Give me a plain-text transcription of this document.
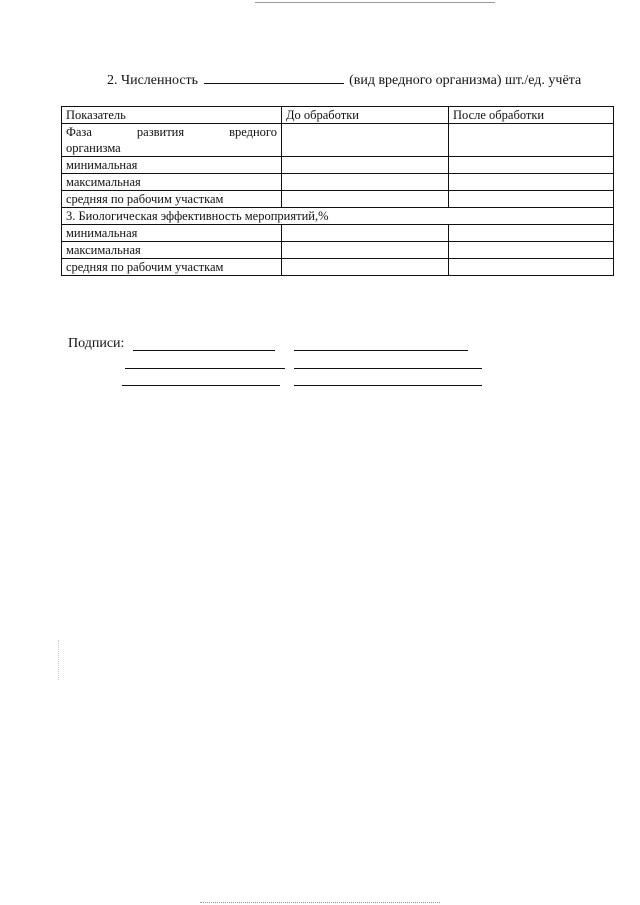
2. Численность	(вид вредного организма) шт./ед. учёта
Показатель	До обработки	После обработки

Фаза развития вредного
организма		

минимальная		
максимальная		
средняя по рабочим участкам		
3. Биологическая эффективность мероприятий,%		
минимальная		
максимальная		
средняя по рабочим участкам		
Подписи:
